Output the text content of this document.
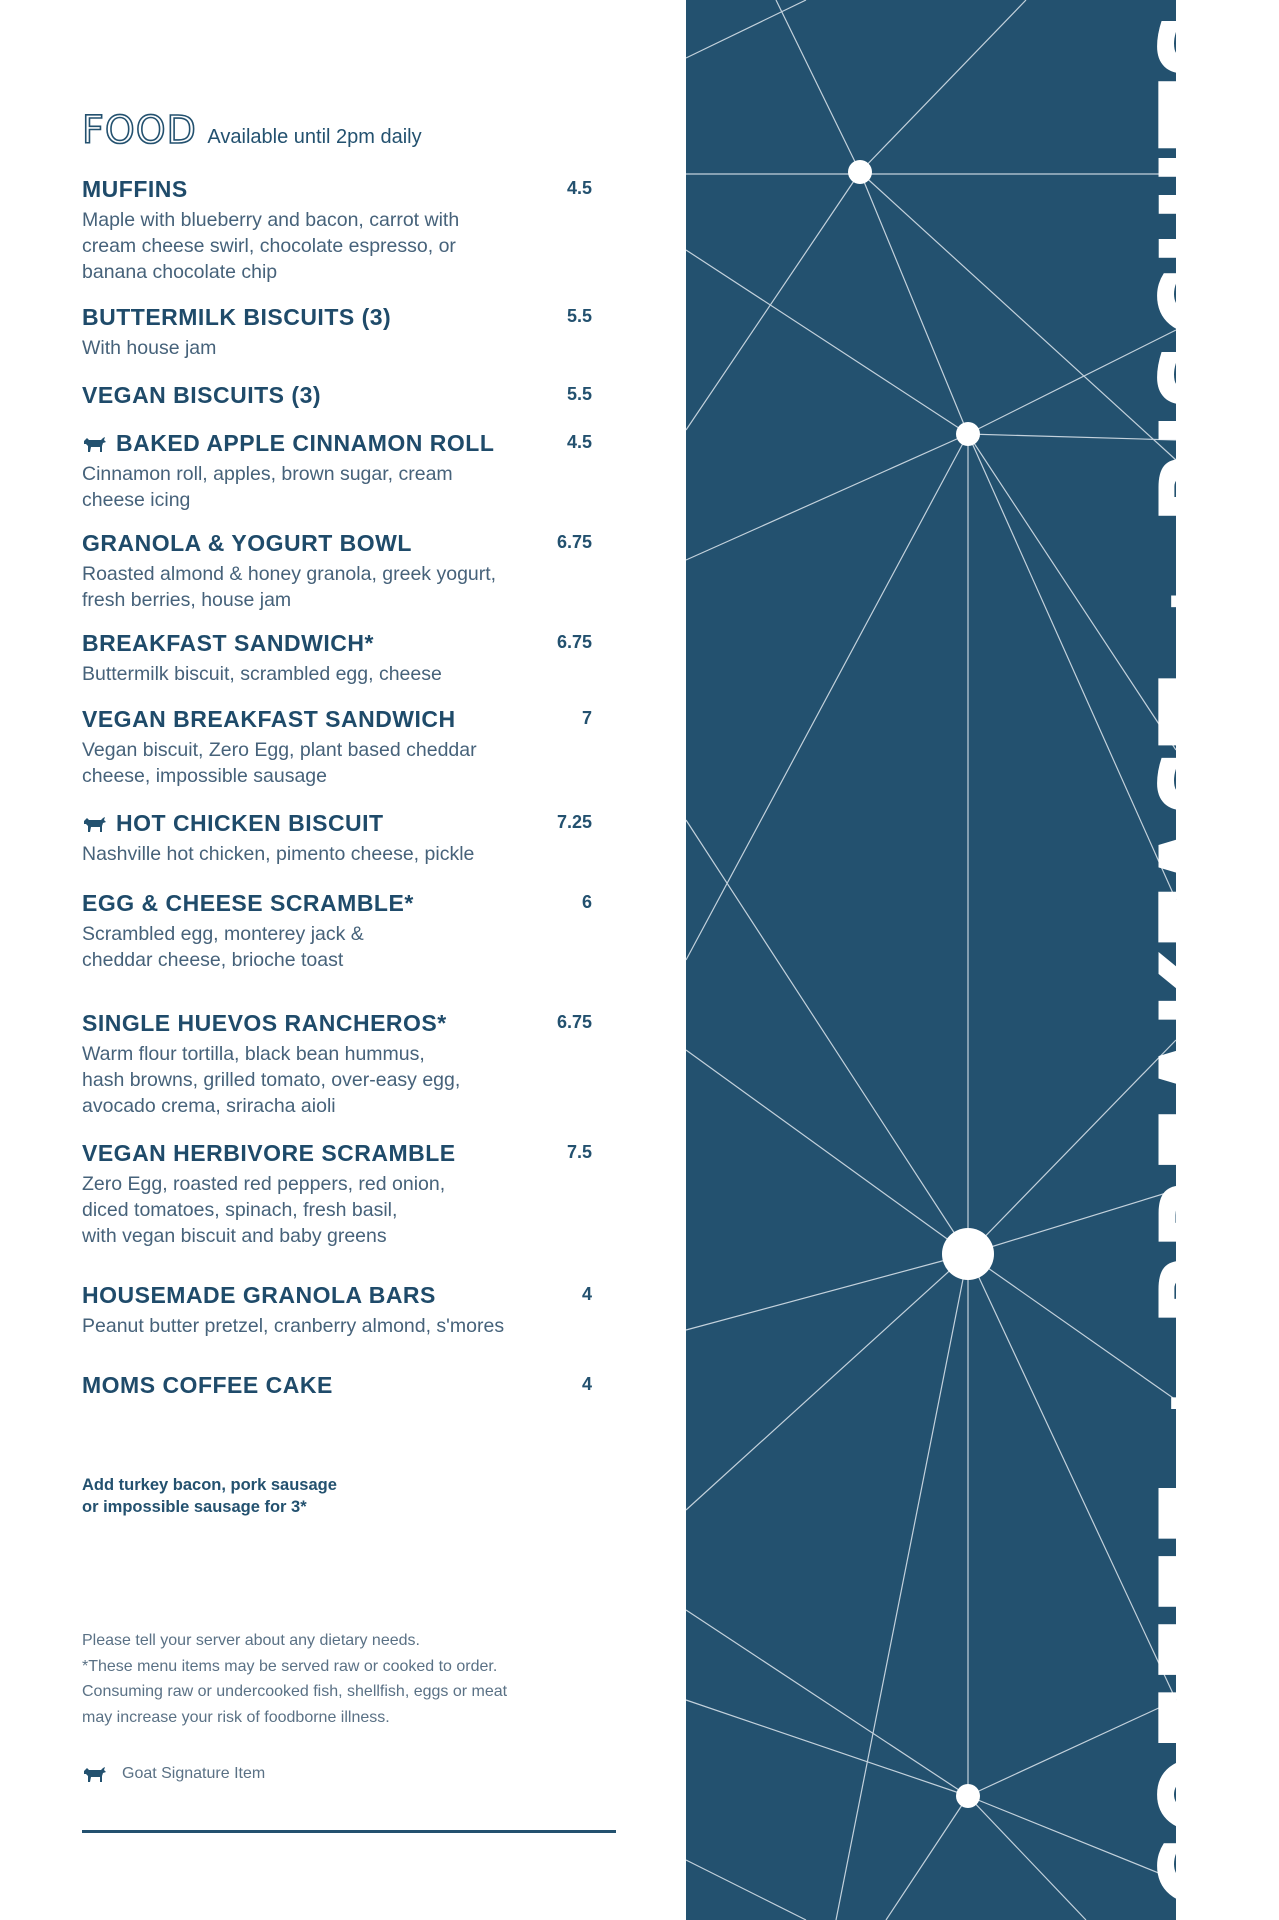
FOOD Available until 2pm daily
MUFFINS	4.5
Maple with blueberry and bacon, carrot with
cream cheese swirl, chocolate espresso, or
banana chocolate chip
BUTTERMILK BISCUITS (3)	5.5
With house jam
VEGAN BISCUITS (3)	5.5
BAKED APPLE CINNAMON ROLL	4.5
Cinnamon roll, apples, brown sugar, cream
cheese icing
GRANOLA & YOGURT BOWL	6.75
Roasted almond & honey granola, greek yogurt,
fresh berries, house jam
BREAKFAST SANDWICH*	6.75
Buttermilk biscuit, scrambled egg, cheese
VEGAN BREAKFAST SANDWICH	7
Vegan biscuit, Zero Egg, plant based cheddar
cheese, impossible sausage
HOT CHICKEN BISCUIT	7.25
Nashville hot chicken, pimento cheese, pickle
EGG & CHEESE SCRAMBLE*	6
Scrambled egg, monterey jack &
cheddar cheese, brioche toast
SINGLE HUEVOS RANCHEROS*	6.75
Warm flour tortilla, black bean hummus,
hash browns, grilled tomato, over-easy egg,
avocado crema, sriracha aioli
VEGAN HERBIVORE SCRAMBLE	7.5
Zero Egg, roasted red peppers, red onion,
diced tomatoes, spinach, fresh basil,
with vegan biscuit and baby greens
HOUSEMADE GRANOLA BARS	4
Peanut butter pretzel, cranberry almond, s'mores
MOMS COFFEE CAKE	4
Add turkey bacon, pork sausage
or impossible sausage for 3*
Please tell your server about any dietary needs.
*These menu items may be served raw or cooked to order.
Consuming raw or undercooked fish, shellfish, eggs or meat
may increase your risk of foodborne illness.
Goat Signature Item	COFFEE + BREAKFAST + BISCUITS
